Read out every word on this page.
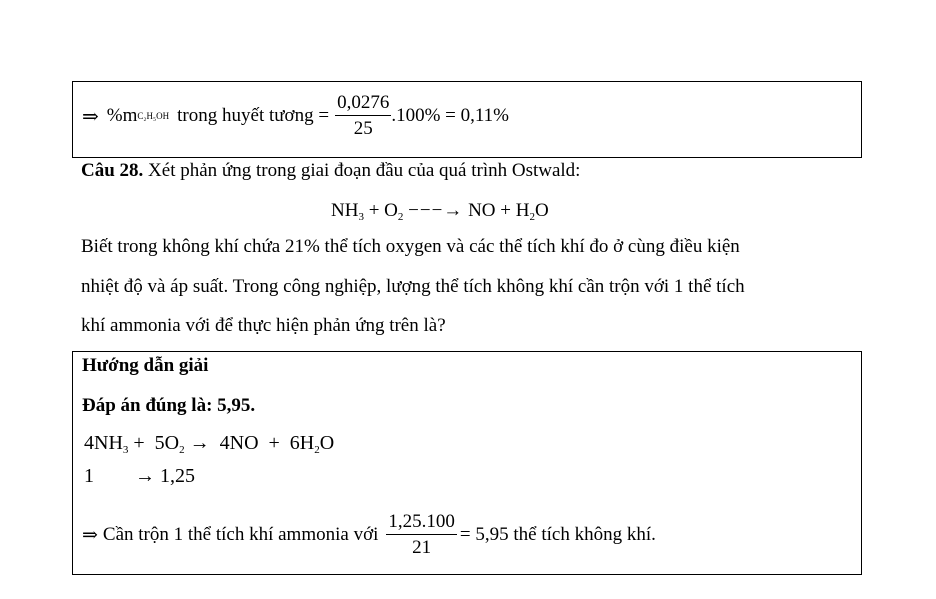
⇒ %m C₂H₅OH trong huyết tương = $\frac{0,0276}{25} .100\% = 0,11\%$
Câu 28. Xét phản ứng trong giai đoạn đầu của quá trình Ostwald:
$NH_3 + O_2$ −−−→ NO + $H_2O$
Biết trong không khí chứa 21% thể tích oxygen và các thể tích khí đo ở cùng điều kiện
nhiệt độ và áp suất. Trong công nghiệp, lượng thể tích không khí cần trộn với 1 thể tích
khí ammonia với để thực hiện phản ứng trên là?
Hướng dẫn giải
Đáp án đúng là: 5,95.
$4NH_3 + 5O_2 \to 4NO + 6H_2O$
1 → 1,25
⇒ Cần trộn 1 thể tích khí ammonia với $\frac{1,25.100}{21} = 5,95$ thể tích không khí.
